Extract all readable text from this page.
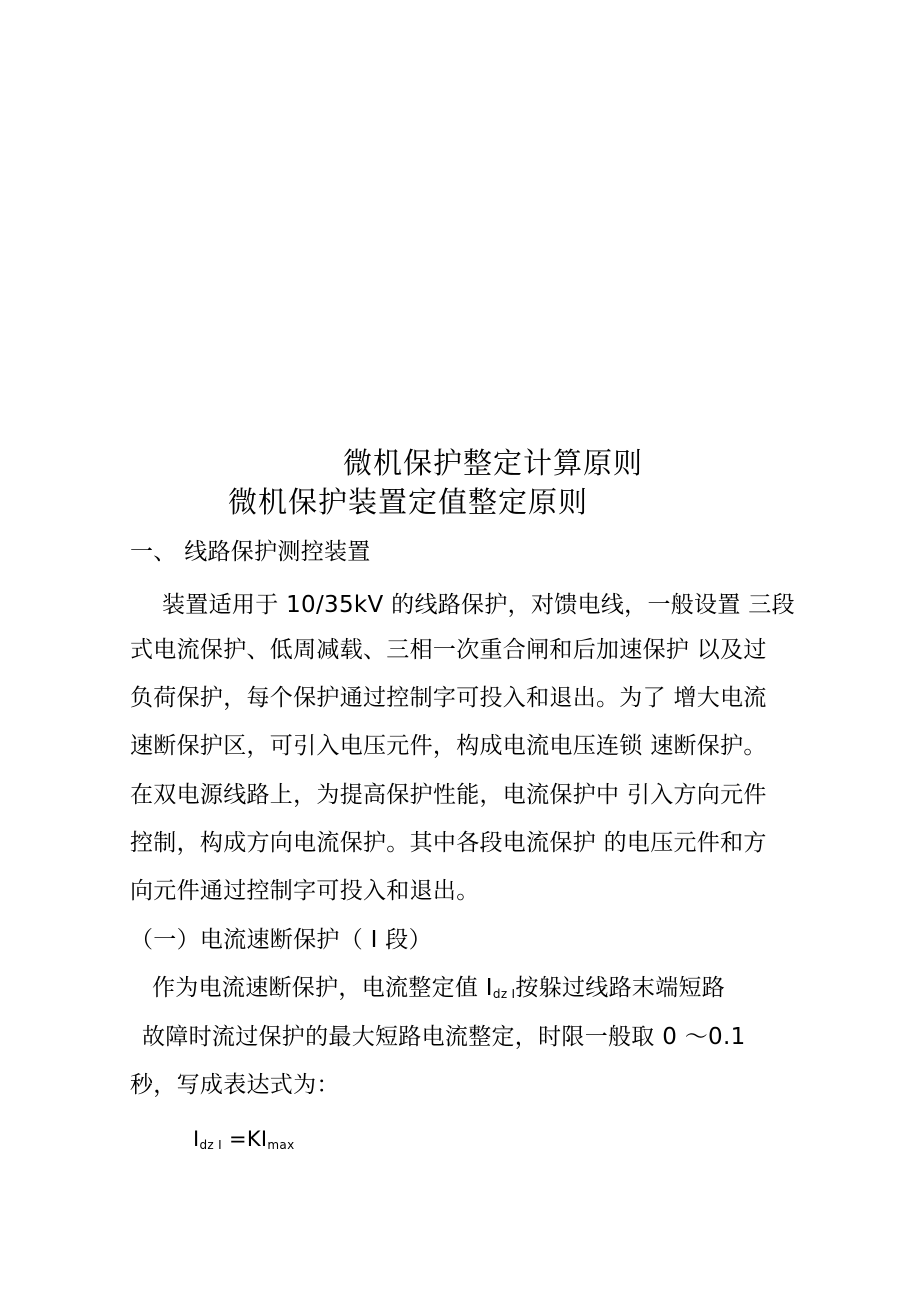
微机保护整定计算原则
微机保护装置定值整定原则
一、 线路保护测控装置
装置适用于 10/35kV 的线路保护，对馈电线，一般设置 三段
式电流保护、低周减载、三相一次重合闸和后加速保护 以及过
负荷保护，每个保护通过控制字可投入和退出。为了 增大电流
速断保护区，可引入电压元件，构成电流电压连锁 速断保护。
在双电源线路上，为提高保护性能，电流保护中 引入方向元件
控制，构成方向电流保护。其中各段电流保护 的电压元件和方
向元件通过控制字可投入和退出。
（一）电流速断保护（ Ⅰ 段）
作为电流速断保护，电流整定值 $I_{dz Ⅰ}$按躲过线路末端短路
故障时流过保护的最大短路电流整定，时限一般取 0 ～0.1
秒，写成表达式为：
$I_{dz Ⅰ} =KI_{max}$
